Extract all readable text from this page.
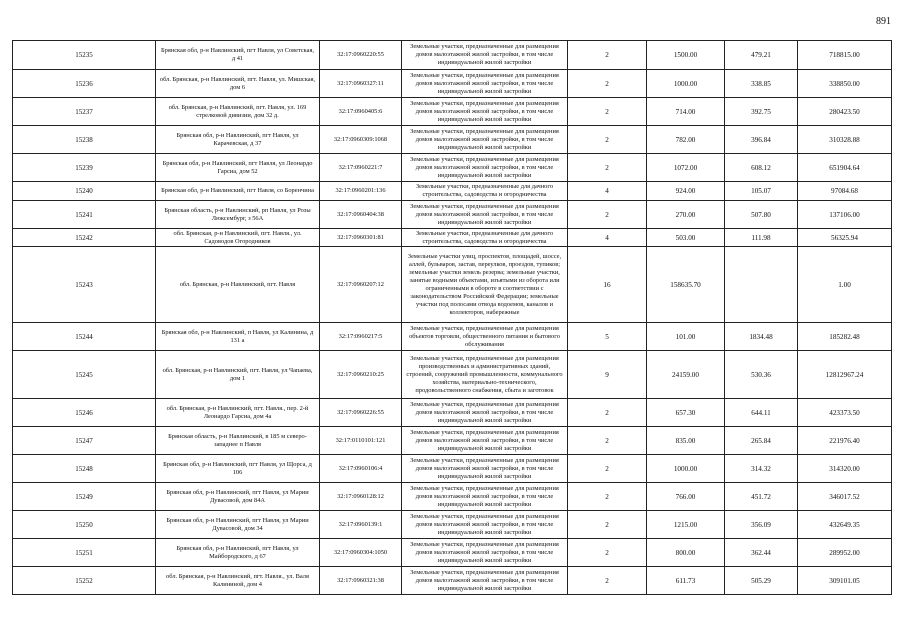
891
15235	Брянская обл, р-н Навлинский, пгт Навля, ул Советская, д 41	32:17:0960220:55	Земельные участки, предназначенные для размещения домов малоэтажной жилой застройки, в том числе индивидуальной жилой застройки	2	1500.00	479.21	718815.00
15236	обл. Брянская, р-н Навлинский, пгт. Навля, ул. Мишская, дом 6	32:17:0960327:11	Земельные участки, предназначенные для размещения домов малоэтажной жилой застройки, в том числе индивидуальной жилой застройки	2	1000.00	338.85	338850.00
15237	обл. Брянская, р-н Навлинский, пгт. Навля, ул. 169 стрелковой дивизии, дом 32 д.	32:17:0960405:6	Земельные участки, предназначенные для размещения домов малоэтажной жилой застройки, в том числе индивидуальной жилой застройки	2	714.00	392.75	280423.50
15238	Брянская обл, р-н Навлинский, пгт Навля, ул Карачевская, д 37	32:17:0960309:1068	Земельные участки, предназначенные для размещения домов малоэтажной жилой застройки, в том числе индивидуальной жилой застройки	2	782.00	396.84	310328.88
15239	Брянская обл, р-н Навлинский, пгт Навля, ул Леонардо Гарсиа, дом 52	32:17:0960221:7	Земельные участки, предназначенные для размещения домов малоэтажной жилой застройки, в том числе индивидуальной жилой застройки	2	1072.00	608.12	651904.64
15240	Брянская обл, р-н Навлинский, пгт Навля, со Боренчина	32:17:0960201:136	Земельные участки, предназначенные для дачного строительства, садоводства и огородничества	4	924.00	105.07	97084.68
15241	Брянская область, р-н Навлинский, рп Навля, ул Розы Люксембург, з 56А	32:17:0960404:38	Земельные участки, предназначенные для размещения домов малоэтажной жилой застройки, в том числе индивидуальной жилой застройки	2	270.00	507.80	137106.00
15242	обл. Брянская, р-н Навлинский, пгт. Навля., ул. Садоводов Огородников	32:17:0960301:81	Земельные участки, предназначенные для дачного строительства, садоводства и огородничества	4	503.00	111.98	56325.94
15243	обл. Брянская, р-н Навлинский, пгт. Навля	32:17:0960207:12	Земельные участки улиц, проспектов, площадей, шоссе, аллей, бульваров, застав, переулков, проездов, тупиков; земельные участки земель резерва; земельные участки, занятые водными объектами, изъятыми из оборота или ограниченными в обороте в соответствии с законодательством Российской Федерации; земельные участки под полосами отвода водоемов, каналов и коллекторов, набережные	16	158635.70		1.00
15244	Брянская обл, р-н Навлинский, п Навля, ул Калинина, д 131 а	32:17:0960217:5	Земельные участки, предназначенные для размещения объектов торговли, общественного питания и бытового обслуживания	5	101.00	1834.48	185282.48
15245	обл. Брянская, р-н Навлинский, пгт. Навля, ул Чапаева, дом 1	32:17:0960210:25	Земельные участки, предназначенные для размещения производственных и административных зданий, строений, сооружений промышленности, коммунального хозяйства, материально-технического, продовольственного снабжения, сбыта и заготовок	9	24159.00	530.36	12812967.24
15246	обл. Брянская, р-н Навлинский, пгт. Навля., пер. 2-й Леонардо Гарсиа, дом 4а	32:17:0960226:55	Земельные участки, предназначенные для размещения домов малоэтажной жилой застройки, в том числе индивидуальной жилой застройки	2	657.30	644.11	423373.50
15247	Брянская область, р-н Навлинский, в 185 м северо-западнее п Навля	32:17:0110101:121	Земельные участки, предназначенные для размещения домов малоэтажной жилой застройки, в том числе индивидуальной жилой застройки	2	835.00	265.84	221976.40
15248	Брянская обл, р-н Навлинский, пгт Навля, ул Щорса, д 106	32:17:0960106:4	Земельные участки, предназначенные для размещения домов малоэтажной жилой застройки, в том числе индивидуальной жилой застройки	2	1000.00	314.32	314320.00
15249	Брянская обл, р-н Навлинский, пгт Навля, ул Марии Дувасовой, дом 84А	32:17:0960128:12	Земельные участки, предназначенные для размещения домов малоэтажной жилой застройки, в том числе индивидуальной жилой застройки	2	766.00	451.72	346017.52
15250	Брянская обл, р-н Навлинский, пгт Навля, ул Марии Дувасовой, дом 34	32:17:0960139:1	Земельные участки, предназначенные для размещения домов малоэтажной жилой застройки, в том числе индивидуальной жилой застройки	2	1215.00	356.09	432649.35
15251	Брянская обл, р-н Навлинский, пгт Навля, ул Майбородского, д 67	32:17:0960304:1050	Земельные участки, предназначенные для размещения домов малоэтажной жилой застройки, в том числе индивидуальной жилой застройки	2	800.00	362.44	289952.00
15252	обл. Брянская, р-н Навлинский, пгт. Навля., ул. Валя Калининой, дом 4	32:17:0960321:38	Земельные участки, предназначенные для размещения домов малоэтажной жилой застройки, в том числе индивидуальной жилой застройки	2	611.73	505.29	309101.05
